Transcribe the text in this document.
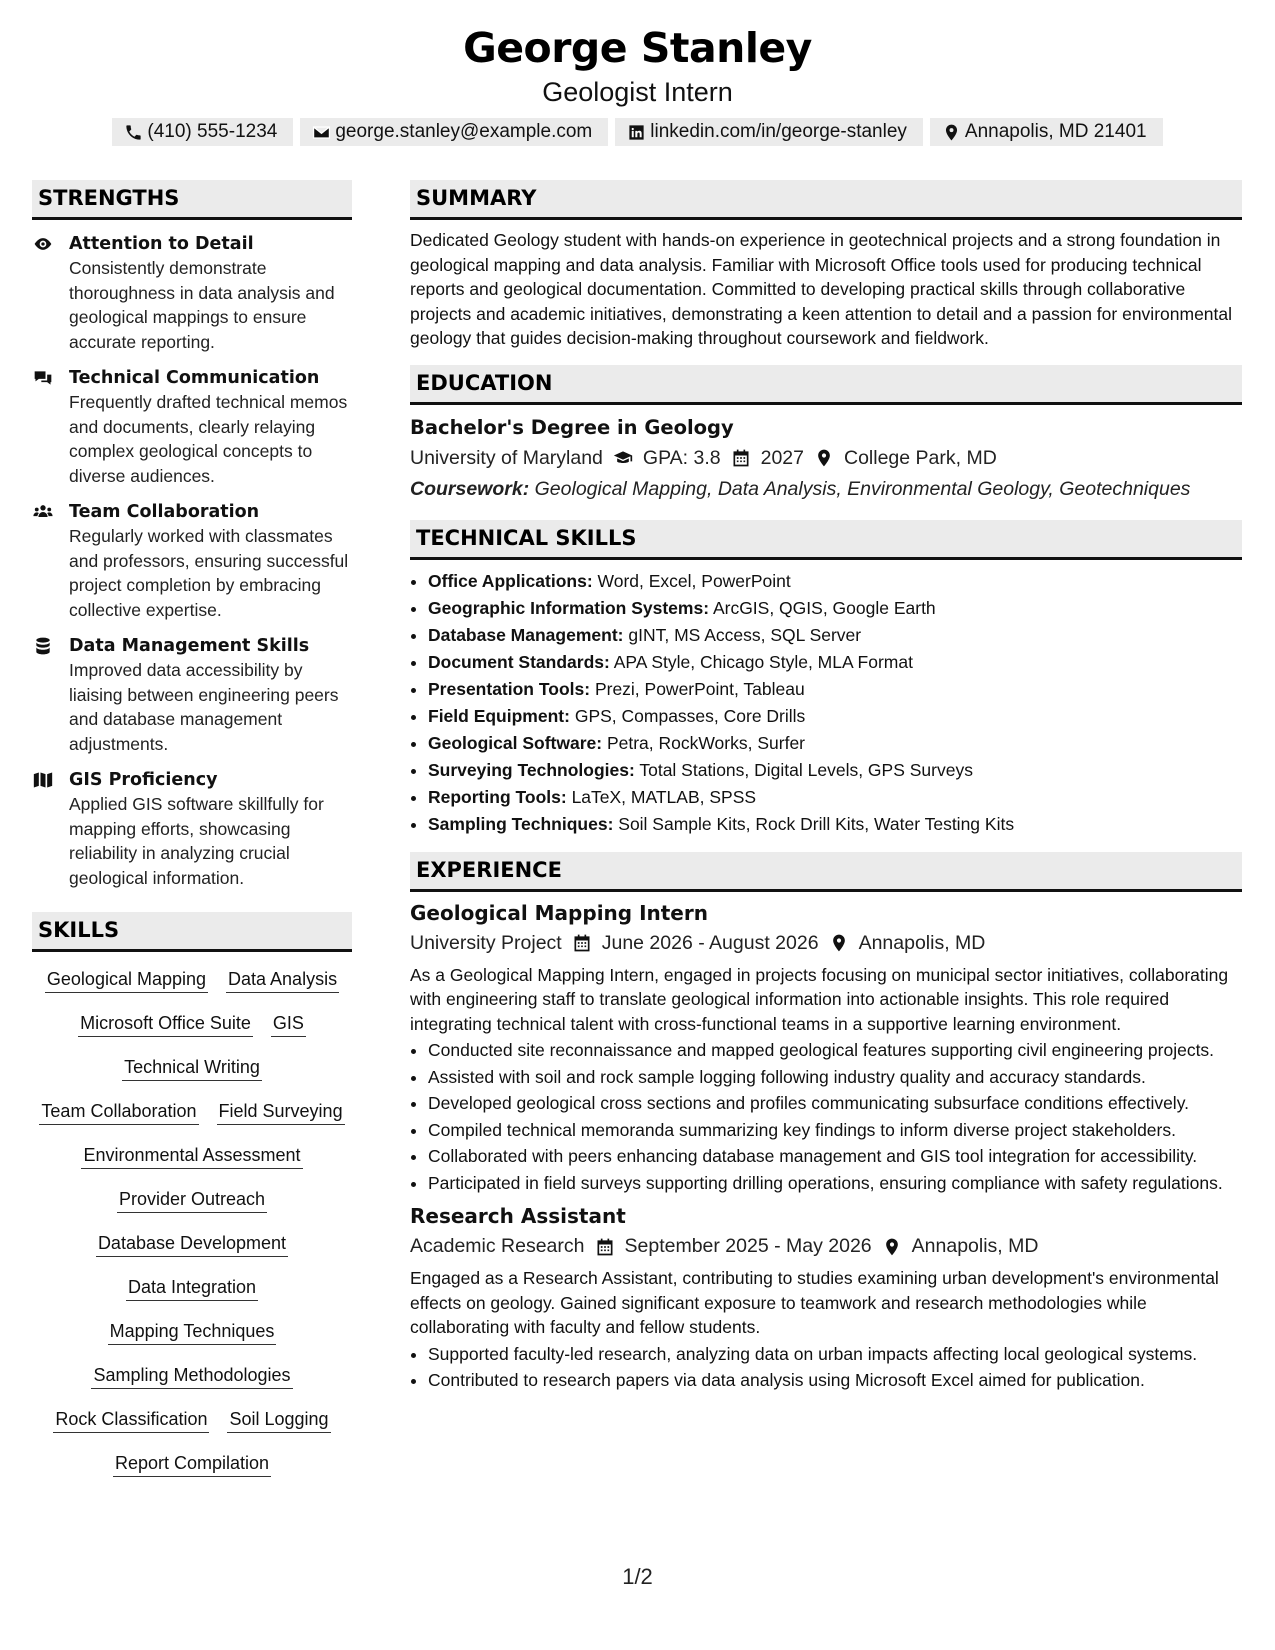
George Stanley
Geologist Intern
(410) 555-1234	george.stanley@example.com	linkedin.com/in/george-stanley	Annapolis, MD 21401
STRENGTHS
Attention to Detail
Consistently demonstrate thoroughness in data analysis and geological mappings to ensure accurate reporting.
Technical Communication
Frequently drafted technical memos and documents, clearly relaying complex geological concepts to diverse audiences.
Team Collaboration
Regularly worked with classmates and professors, ensuring successful project completion by embracing collective expertise.
Data Management Skills
Improved data accessibility by liaising between engineering peers and database management adjustments.
GIS Proficiency
Applied GIS software skillfully for mapping efforts, showcasing reliability in analyzing crucial geological information.
SKILLS
Geological Mapping Data Analysis
Microsoft Office Suite GIS
Technical Writing
Team Collaboration Field Surveying
Environmental Assessment
Provider Outreach
Database Development
Data Integration
Mapping Techniques
Sampling Methodologies
Rock Classification Soil Logging
Report Compilation
SUMMARY
Dedicated Geology student with hands-on experience in geotechnical projects and a strong foundation in geological mapping and data analysis. Familiar with Microsoft Office tools used for producing technical reports and geological documentation. Committed to developing practical skills through collaborative projects and academic initiatives, demonstrating a keen attention to detail and a passion for environmental geology that guides decision-making throughout coursework and fieldwork.
EDUCATION
Bachelor's Degree in Geology
University of Maryland GPA: 3.8 2027 College Park, MD
Coursework: Geological Mapping, Data Analysis, Environmental Geology, Geotechniques
TECHNICAL SKILLS
• Office Applications: Word, Excel, PowerPoint
• Geographic Information Systems: ArcGIS, QGIS, Google Earth
• Database Management: gINT, MS Access, SQL Server
• Document Standards: APA Style, Chicago Style, MLA Format
• Presentation Tools: Prezi, PowerPoint, Tableau
• Field Equipment: GPS, Compasses, Core Drills
• Geological Software: Petra, RockWorks, Surfer
• Surveying Technologies: Total Stations, Digital Levels, GPS Surveys
• Reporting Tools: LaTeX, MATLAB, SPSS
• Sampling Techniques: Soil Sample Kits, Rock Drill Kits, Water Testing Kits
EXPERIENCE
Geological Mapping Intern
University Project June 2026 - August 2026 Annapolis, MD
As a Geological Mapping Intern, engaged in projects focusing on municipal sector initiatives, collaborating with engineering staff to translate geological information into actionable insights. This role required integrating technical talent with cross-functional teams in a supportive learning environment.
• Conducted site reconnaissance and mapped geological features supporting civil engineering projects.
• Assisted with soil and rock sample logging following industry quality and accuracy standards.
• Developed geological cross sections and profiles communicating subsurface conditions effectively.
• Compiled technical memoranda summarizing key findings to inform diverse project stakeholders.
• Collaborated with peers enhancing database management and GIS tool integration for accessibility.
• Participated in field surveys supporting drilling operations, ensuring compliance with safety regulations.
Research Assistant
Academic Research September 2025 - May 2026 Annapolis, MD
Engaged as a Research Assistant, contributing to studies examining urban development's environmental effects on geology. Gained significant exposure to teamwork and research methodologies while collaborating with faculty and fellow students.
• Supported faculty-led research, analyzing data on urban impacts affecting local geological systems.
• Contributed to research papers via data analysis using Microsoft Excel aimed for publication.
1/2
